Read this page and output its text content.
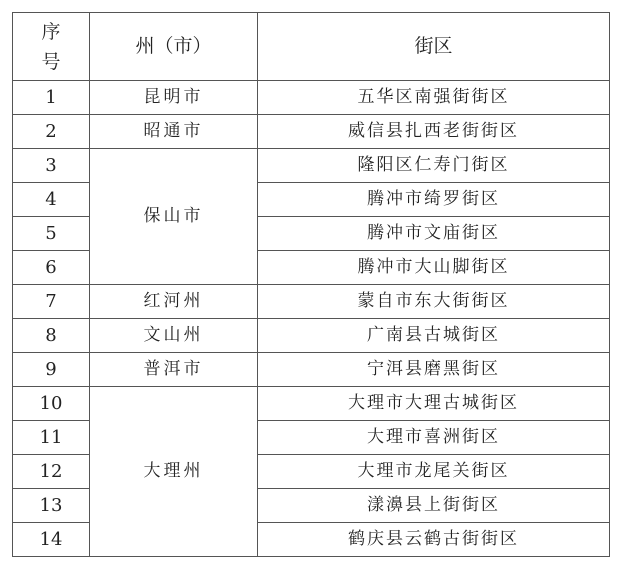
序
号	州（市）	街区
1	昆明市	五华区南强街街区
2	昭通市	威信县扎西老街街区
3	保山市	隆阳区仁寿门街区
4		腾冲市绮罗街区
5		腾冲市文庙街区
6		腾冲市大山脚街区
7	红河州	蒙自市东大街街区
8	文山州	广南县古城街区
9	普洱市	宁洱县磨黑街区
10	大理州	大理市大理古城街区
11		大理市喜洲街区
12		大理市龙尾关街区
13		漾濞县上街街区
14		鹤庆县云鹤古街街区
